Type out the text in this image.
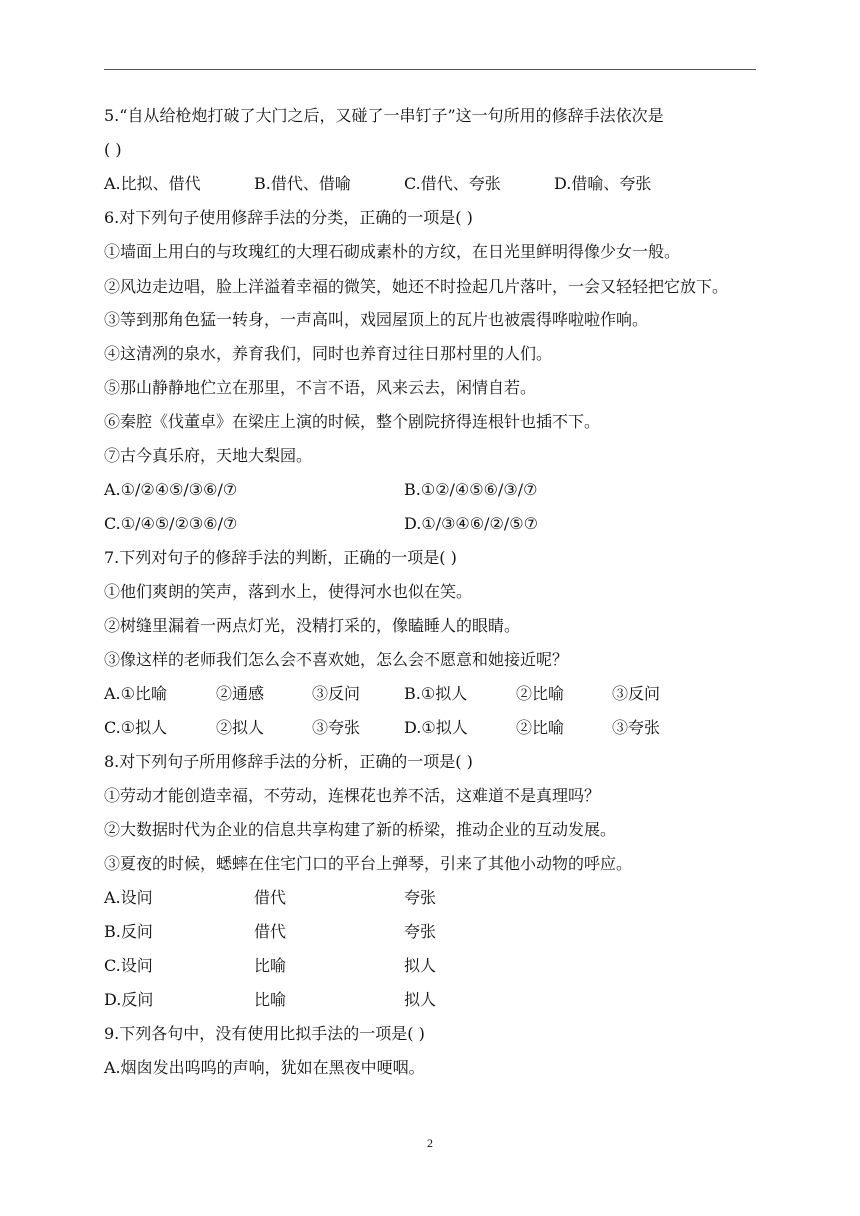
5.“自从给枪炮打破了大门之后，又碰了一串钉子”这一句所用的修辞手法依次是
( )
A.比拟、借代	B.借代、借喻	C.借代、夸张	D.借喻、夸张
6.对下列句子使用修辞手法的分类，正确的一项是( )
①墙面上用白的与玫瑰红的大理石砌成素朴的方纹，在日光里鲜明得像少女一般。
②风边走边唱，脸上洋溢着幸福的微笑，她还不时捡起几片落叶，一会又轻轻把它放下。
③等到那角色猛一转身，一声高叫，戏园屋顶上的瓦片也被震得哗啦啦作响。
④这清冽的泉水，养育我们，同时也养育过往日那村里的人们。
⑤那山静静地伫立在那里，不言不语，风来云去，闲情自若。
⑥秦腔《伐董卓》在梁庄上演的时候，整个剧院挤得连根针也插不下。
⑦古今真乐府，天地大梨园。
A.①/②④⑤/③⑥/⑦	B.①②/④⑤⑥/③/⑦
C.①/④⑤/②③⑥/⑦	D.①/③④⑥/②/⑤⑦
7.下列对句子的修辞手法的判断，正确的一项是( )
①他们爽朗的笑声，落到水上，使得河水也似在笑。
②树缝里漏着一两点灯光，没精打采的，像瞌睡人的眼睛。
③像这样的老师我们怎么会不喜欢她，怎么会不愿意和她接近呢？
A.①比喻	②通感	③反问	B.①拟人	②比喻	③反问
C.①拟人	②拟人	③夸张	D.①拟人	②比喻	③夸张
8.对下列句子所用修辞手法的分析，正确的一项是( )
①劳动才能创造幸福，不劳动，连棵花也养不活，这难道不是真理吗？
②大数据时代为企业的信息共享构建了新的桥梁，推动企业的互动发展。
③夏夜的时候，蟋蟀在住宅门口的平台上弹琴，引来了其他小动物的呼应。
A.设问	借代	夸张
B.反问	借代	夸张
C.设问	比喻	拟人
D.反问	比喻	拟人
9.下列各句中，没有使用比拟手法的一项是( )
A.烟囱发出呜呜的声响，犹如在黑夜中哽咽。
2
